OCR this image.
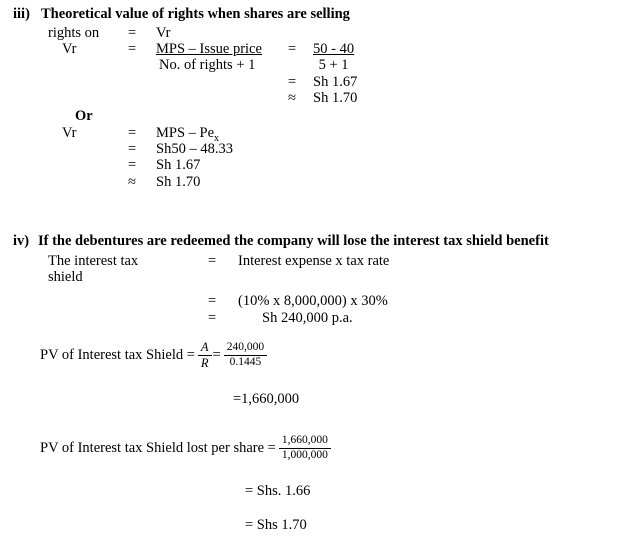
iii) Theoretical value of rights when shares are selling
rights on = Vr
Vr	= MPS – Issue price
No. of rights + 1
= $\frac{50 - 40}{5 + 1}$
= Sh 1.67
≈ Sh 1.70
Or
Vr	= MPS – $Pe_x$
= Sh50 – 48.33
= Sh 1.67
≈ Sh 1.70
iv) If the debentures are redeemed the company will lose the interest tax shield benefit
The interest tax
shield
= Interest expense x tax rate
= (10% x 8,000,000) x 30%
=	Sh 240,000 p.a.
PV of Interest tax Shield = $\frac{A}{R} = \frac{240,000}{0.1445}$
=1,660,000
PV of Interest tax Shield lost per share = $\frac{1,660,000}{1,000,000}$
= Shs. 1.66
= Shs 1.70
